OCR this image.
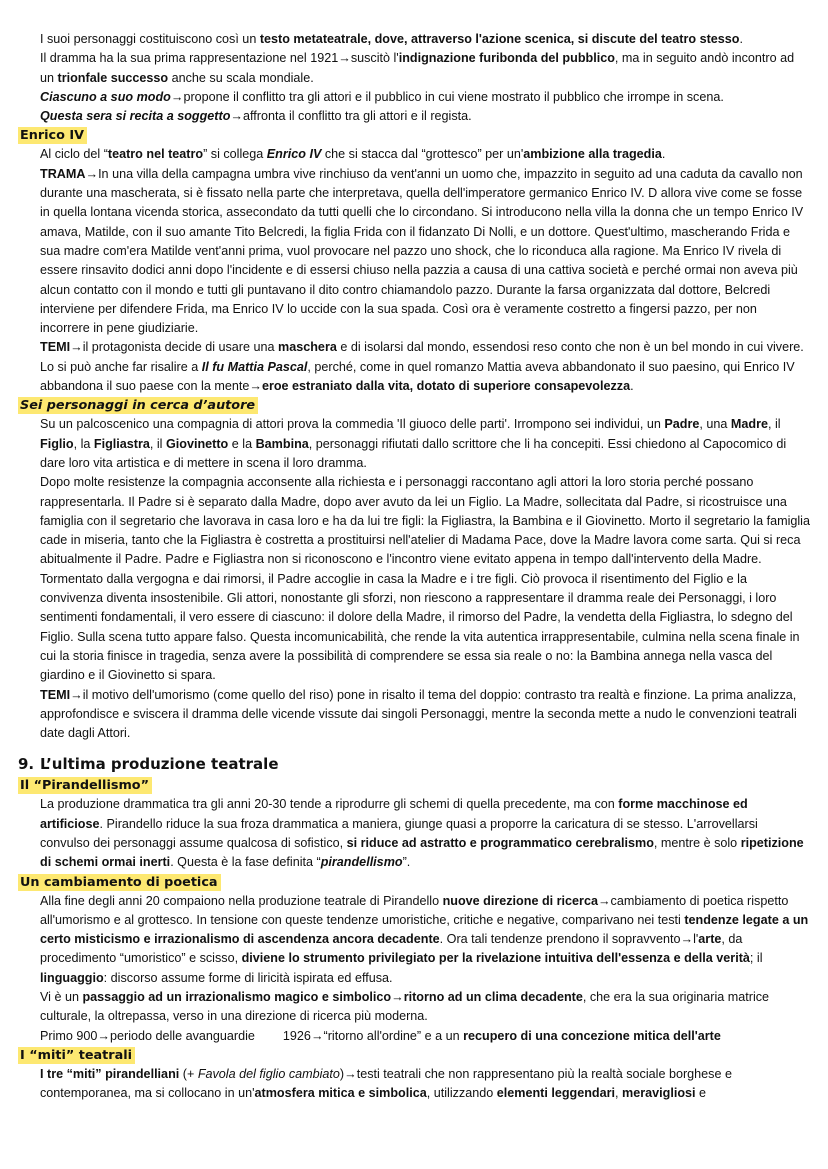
I suoi personaggi costituiscono così un testo metateatrale, dove, attraverso l'azione scenica, si discute del teatro stesso.

Il dramma ha la sua prima rappresentazione nel 1921→suscitò l'indignazione furibonda del pubblico, ma in seguito andò incontro ad un trionfale successo anche su scala mondiale.

Ciascuno a suo modo→propone il conflitto tra gli attori e il pubblico in cui viene mostrato il pubblico che irrompe in scena.

Questa sera si recita a soggetto→affronta il conflitto tra gli attori e il regista.

Enrico IV

Al ciclo del “teatro nel teatro” si collega Enrico IV che si stacca dal “grottesco” per un'ambizione alla tragedia.

TRAMA→In una villa della campagna umbra vive rinchiuso da vent'anni un uomo che, impazzito in seguito ad una caduta da cavallo non durante una mascherata, si è fissato nella parte che interpretava, quella dell'imperatore germanico Enrico IV. D allora vive come se fosse in quella lontana vicenda storica, assecondato da tutti quelli che lo circondano. Si introducono nella villa la donna che un tempo Enrico IV amava, Matilde, con il suo amante Tito Belcredi, la figlia Frida con il fidanzato Di Nolli, e un dottore. Quest'ultimo, mascherando Frida e sua madre com'era Matilde vent'anni prima, vuol provocare nel pazzo uno shock, che lo riconduca alla ragione. Ma Enrico IV rivela di essere rinsavito dodici anni dopo l'incidente e di essersi chiuso nella pazzia a causa di una cattiva società e perché ormai non aveva più alcun contatto con il mondo e tutti gli puntavano il dito contro chiamandolo pazzo. Durante la farsa organizzata dal dottore, Belcredi interviene per difendere Frida, ma Enrico IV lo uccide con la sua spada. Così ora è veramente costretto a fingersi pazzo, per non incorrere in pene giudiziarie.

TEMI→il protagonista decide di usare una maschera e di isolarsi dal mondo, essendosi reso conto che non è un bel mondo in cui vivere. Lo si può anche far risalire a Il fu Mattia Pascal, perché, come in quel romanzo Mattia aveva abbandonato il suo paesino, qui Enrico IV abbandona il suo paese con la mente→eroe estraniato dalla vita, dotato di superiore consapevolezza.

Sei personaggi in cerca d’autore

Su un palcoscenico una compagnia di attori prova la commedia 'Il giuoco delle parti'. Irrompono sei individui, un Padre, una Madre, il Figlio, la Figliastra, il Giovinetto e la Bambina, personaggi rifiutati dallo scrittore che li ha concepiti. Essi chiedono al Capocomico di dare loro vita artistica e di mettere in scena il loro dramma.

Dopo molte resistenze la compagnia acconsente alla richiesta e i personaggi raccontano agli attori la loro storia perché possano rappresentarla. Il Padre si è separato dalla Madre, dopo aver avuto da lei un Figlio. La Madre, sollecitata dal Padre, si ricostruisce una famiglia con il segretario che lavorava in casa loro e ha da lui tre figli: la Figliastra, la Bambina e il Giovinetto. Morto il segretario la famiglia cade in miseria, tanto che la Figliastra è costretta a prostituirsi nell'atelier di Madama Pace, dove la Madre lavora come sarta. Qui si reca abitualmente il Padre. Padre e Figliastra non si riconoscono e l'incontro viene evitato appena in tempo dall'intervento della Madre. Tormentato dalla vergogna e dai rimorsi, il Padre accoglie in casa la Madre e i tre figli. Ciò provoca il risentimento del Figlio e la convivenza diventa insostenibile. Gli attori, nonostante gli sforzi, non riescono a rappresentare il dramma reale dei Personaggi, i loro sentimenti fondamentali, il vero essere di ciascuno: il dolore della Madre, il rimorso del Padre, la vendetta della Figliastra, lo sdegno del Figlio. Sulla scena tutto appare falso. Questa incomunicabilità, che rende la vita autentica irrappresentabile, culmina nella scena finale in cui la storia finisce in tragedia, senza avere la possibilità di comprendere se essa sia reale o no: la Bambina annega nella vasca del giardino e il Giovinetto si spara.

TEMI→il motivo dell'umorismo (come quello del riso) pone in risalto il tema del doppio: contrasto tra realtà e finzione. La prima analizza, approfondisce e sviscera il dramma delle vicende vissute dai singoli Personaggi, mentre la seconda mette a nudo le convenzioni teatrali date dagli Attori.

9. L’ultima produzione teatrale
Il “Pirandellismo”

La produzione drammatica tra gli anni 20-30 tende a riprodurre gli schemi di quella precedente, ma con forme macchinose ed artificiose. Pirandello riduce la sua froza drammatica a maniera, giunge quasi a proporre la caricatura di se stesso. L'arrovellarsi convulso dei personaggi assume qualcosa di sofistico, si riduce ad astratto e programmatico cerebralismo, mentre è solo ripetizione di schemi ormai inerti. Questa è la fase definita “pirandellismo”.

Un cambiamento di poetica

Alla fine degli anni 20 compaiono nella produzione teatrale di Pirandello nuove direzione di ricerca→cambiamento di poetica rispetto all'umorismo e al grottesco. In tensione con queste tendenze umoristiche, critiche e negative, comparivano nei testi tendenze legate a un certo misticismo e irrazionalismo di ascendenza ancora decadente. Ora tali tendenze prendono il sopravvento→l'arte, da procedimento “umoristico” e scisso, diviene lo strumento privilegiato per la rivelazione intuitiva dell'essenza e della verità; il linguaggio: discorso assume forme di liricità ispirata ed effusa.

Vi è un passaggio ad un irrazionalismo magico e simbolico→ritorno ad un clima decadente, che era la sua originaria matrice culturale, la oltrepassa, verso in una direzione di ricerca più moderna.

Primo 900→periodo delle avanguardie        1926→“ritorno all'ordine” e a un recupero di una concezione mitica dell'arte

I “miti” teatrali

I tre “miti” pirandelliani (+ Favola del figlio cambiato)→testi teatrali che non rappresentano più la realtà sociale borghese e contemporanea, ma si collocano in un'atmosfera mitica e simbolica, utilizzando elementi leggendari, meravigliosi e
